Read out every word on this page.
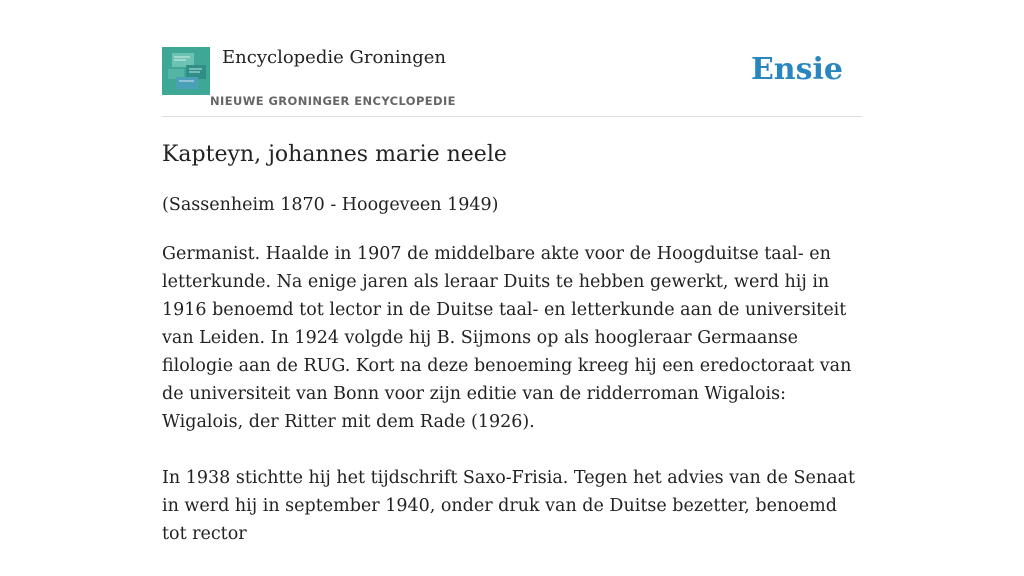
Encyclopedie Groningen
NIEUWE GRONINGER ENCYCLOPEDIE
Ensie
Kapteyn, johannes marie neele

(Sassenheim 1870 - Hoogeveen 1949)

Germanist. Haalde in 1907 de middelbare akte voor de Hoogduitse taal- en letterkunde. Na enige jaren als leraar Duits te hebben gewerkt, werd hij in 1916 benoemd tot lector in de Duitse taal- en letterkunde aan de universiteit van Leiden. In 1924 volgde hij B. Sijmons op als hoogleraar Germaanse filologie aan de RUG. Kort na deze benoeming kreeg hij een eredoctoraat van de universiteit van Bonn voor zijn editie van de ridderroman Wigalois: Wigalois, der Ritter mit dem Rade (1926).

In 1938 stichtte hij het tijdschrift Saxo-Frisia. Tegen het advies van de Senaat in werd hij in september 1940, onder druk van de Duitse bezetter, benoemd tot rector
